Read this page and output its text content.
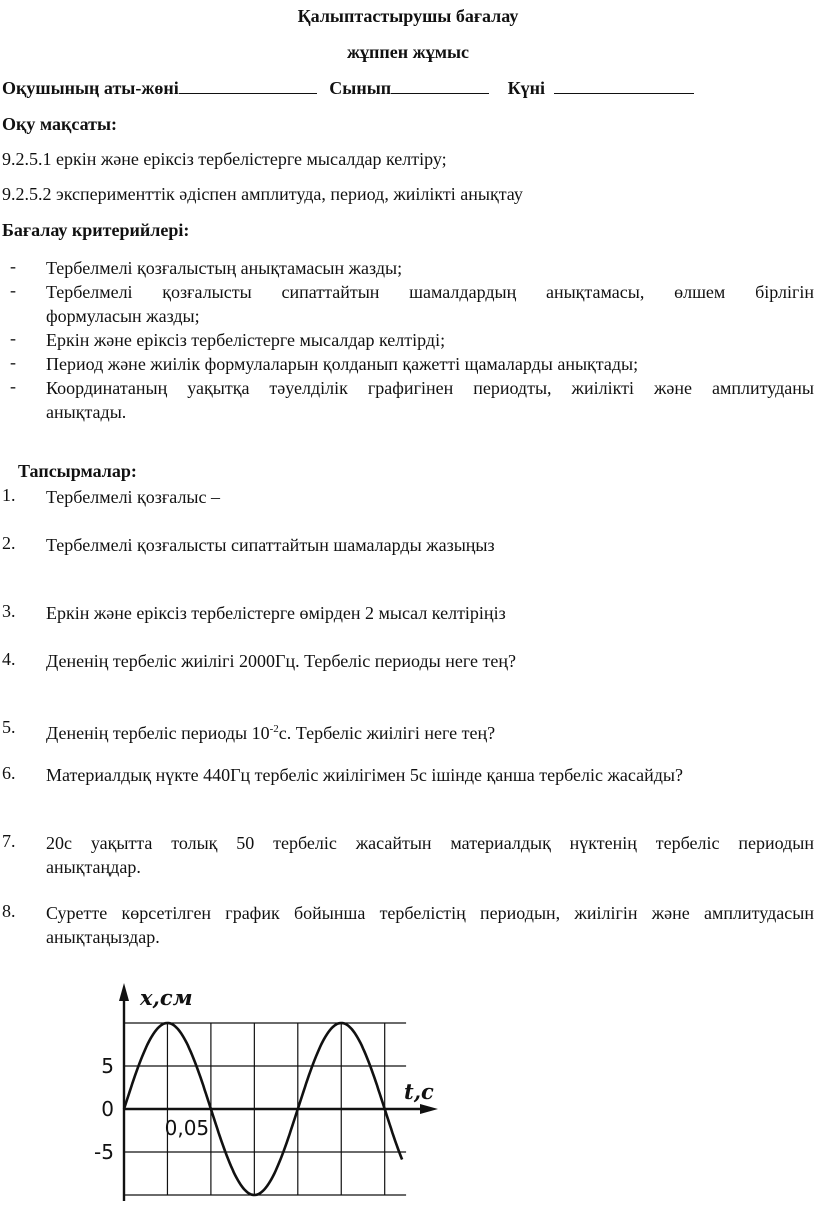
Қалыптастырушы бағалау
жұппен жұмыс
Оқушының аты-жөні	Сынып	Күні
Оқу мақсаты:
9.2.5.1 еркін және еріксіз тербелістерге мысалдар келтіру;
9.2.5.2 эксперименттік әдіспен амплитуда, период, жиілікті анықтау
Бағалау критерийлері:
- Тербелмелі қозғалыстың анықтамасын жазды;
- Тербелмелі қозғалысты сипаттайтын шамалдардың анықтамасы, өлшем бірлігін
формуласын жазды;
- Еркін және еріксіз тербелістерге мысалдар келтірді;
- Период және жиілік формулаларын қолданып қажетті щамаларды анықтады;
- Координатаның уақытқа тәуелділік графигінен периодты, жиілікті және амплитуданы
анықтады.
Тапсырмалар:
1. Тербелмелі қозғалыс –
2. Тербелмелі қозғалысты сипаттайтын шамаларды жазыңыз
3. Еркін және еріксіз тербелістерге өмірден 2 мысал келтіріңіз
4. Дененің тербеліс жиілігі 2000Гц. Тербеліс периоды неге тең?
5. Дененің тербеліс периоды $10^{-2}с$. Тербеліс жиілігі неге тең?
6. Материалдық нүкте 440Гц тербеліс жиілігімен 5с ішінде қанша тербеліс жасайды?
7. 20с уақытта толық 50 тербеліс жасайтын материалдық нүктенің тербеліс периодын
анықтаңдар.
8. Суретте көрсетілген график бойынша тербелістің периодын, жиілігін және амплитудасын
анықтаңыздар.
x,см
t,c
5
0
-5
0,05
